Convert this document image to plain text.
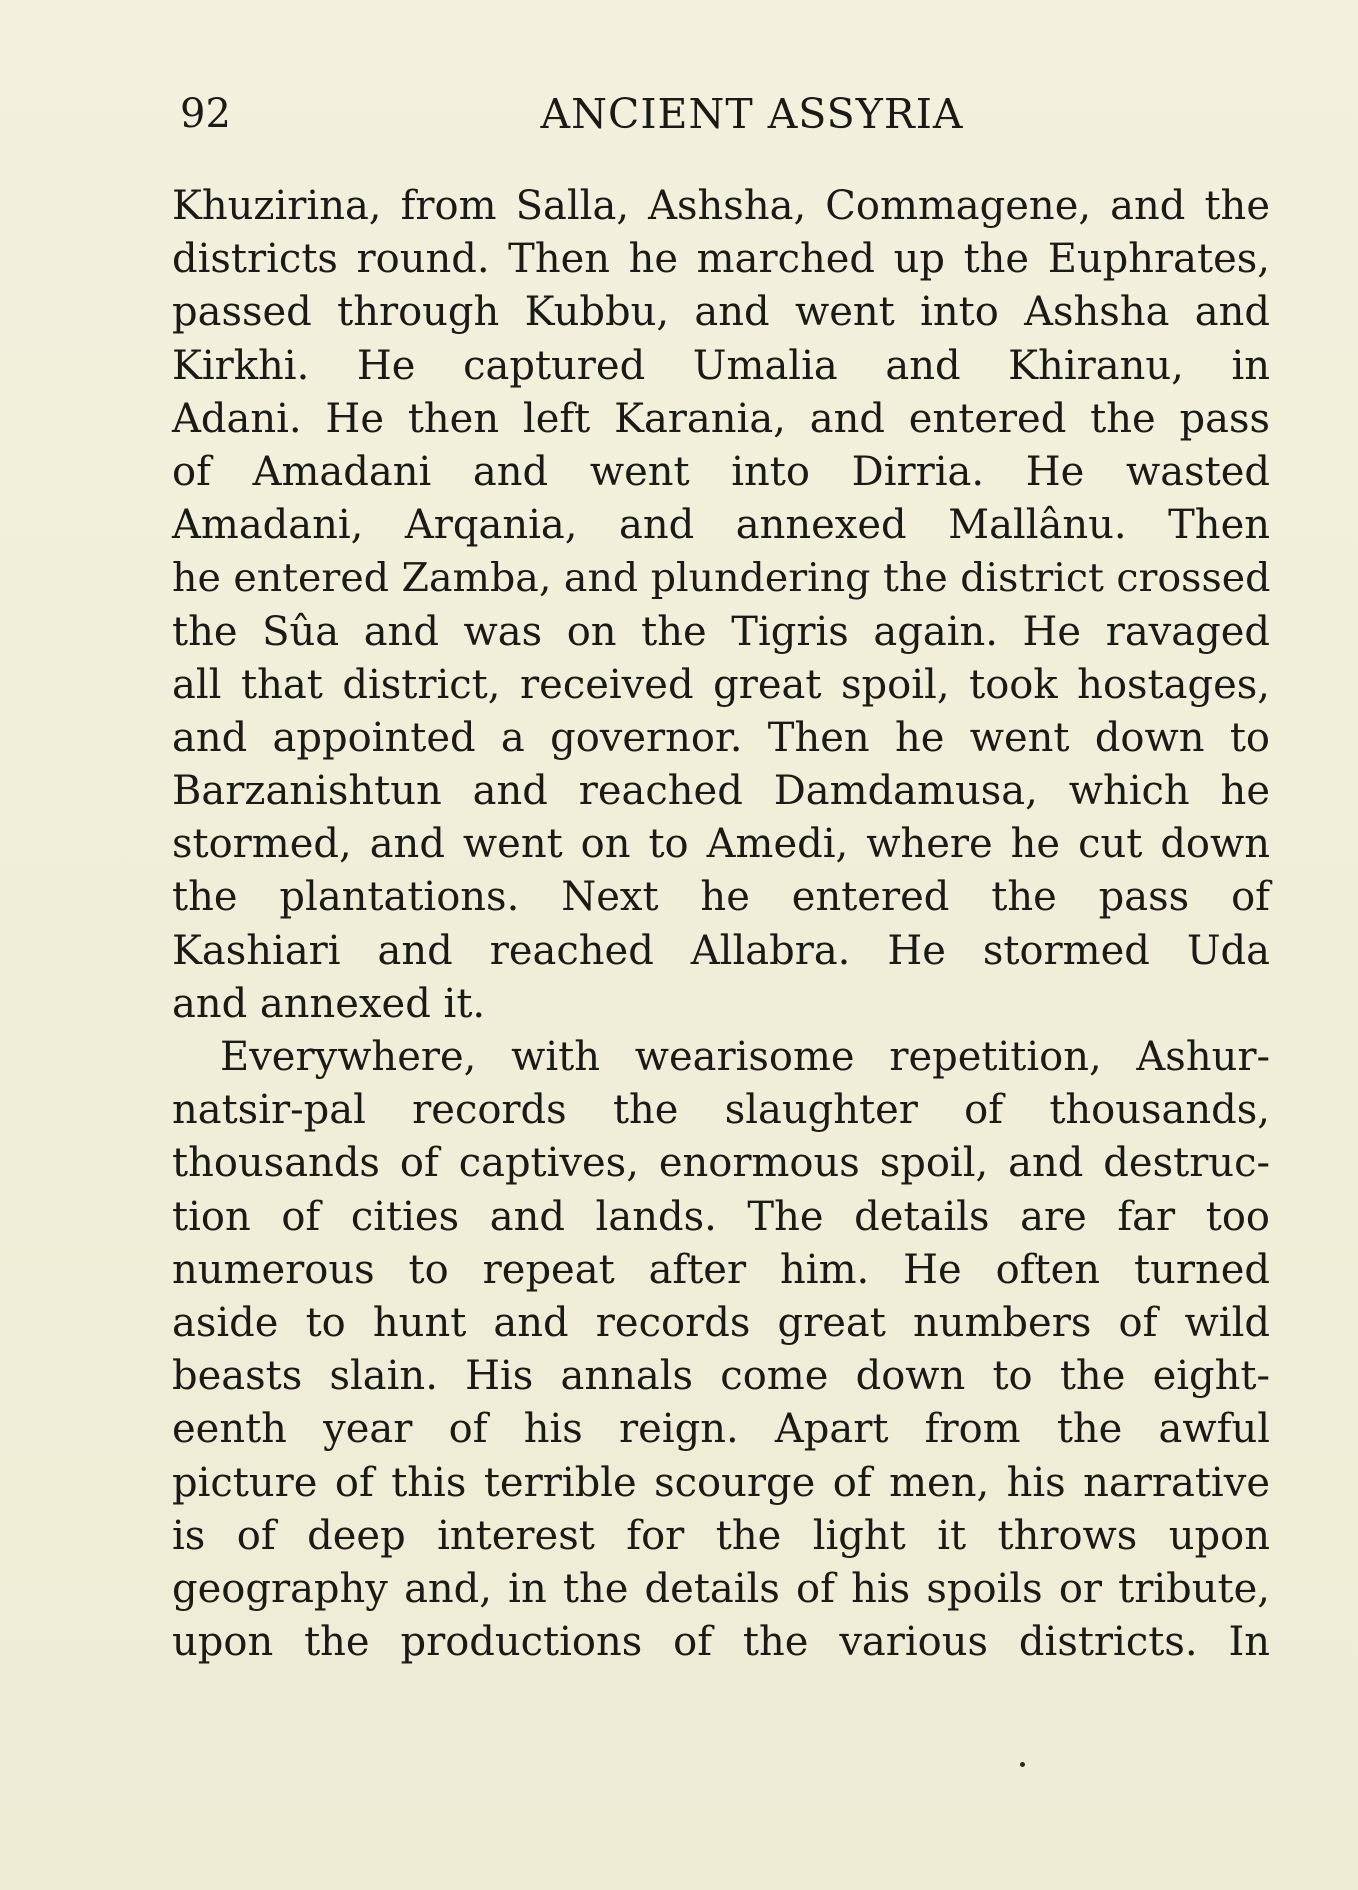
92	ANCIENT ASSYRIA
Khuzirina, from Salla, Ashsha, Commagene, and the
districts round. Then he marched up the Euphrates,
passed through Kubbu, and went into Ashsha and
Kirkhi. He captured Umalia and Khiranu, in
Adani. He then left Karania, and entered the pass
of Amadani and went into Dirria. He wasted
Amadani, Arqania, and annexed Mallânu. Then
he entered Zamba, and plundering the district crossed
the Sûa and was on the Tigris again. He ravaged
all that district, received great spoil, took hostages,
and appointed a governor. Then he went down to
Barzanishtun and reached Damdamusa, which he
stormed, and went on to Amedi, where he cut down
the plantations. Next he entered the pass of
Kashiari and reached Allabra. He stormed Uda
and annexed it.
Everywhere, with wearisome repetition, Ashur-
natsir-pal records the slaughter of thousands,
thousands of captives, enormous spoil, and destruc-
tion of cities and lands. The details are far too
numerous to repeat after him. He often turned
aside to hunt and records great numbers of wild
beasts slain. His annals come down to the eight-
eenth year of his reign. Apart from the awful
picture of this terrible scourge of men, his narrative
is of deep interest for the light it throws upon
geography and, in the details of his spoils or tribute,
upon the productions of the various districts. In
